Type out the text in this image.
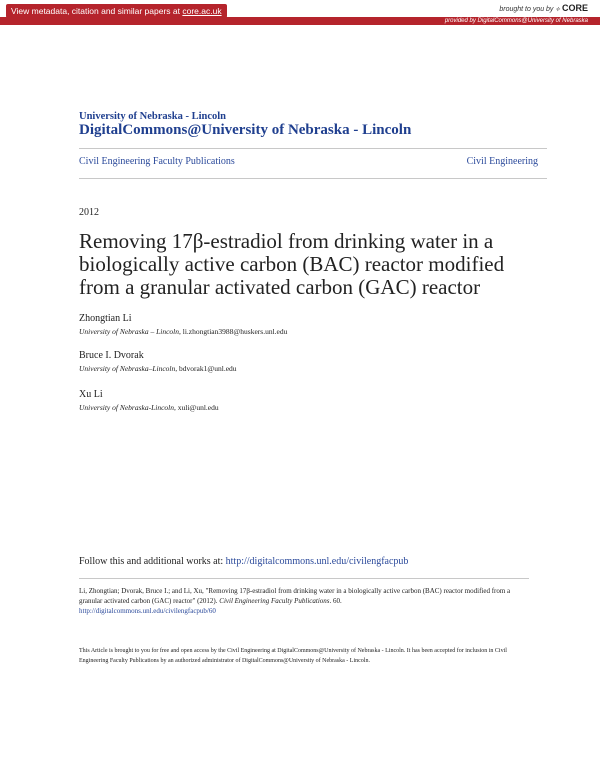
View metadata, citation and similar papers at core.ac.uk	brought to you by ⟡ CORE
provided by DigitalCommons@University of Nebraska
University of Nebraska - Lincoln
DigitalCommons@University of Nebraska - Lincoln
Civil Engineering Faculty Publications	Civil Engineering
2012
Removing 17β-estradiol from drinking water in a biologically active carbon (BAC) reactor modified from a granular activated carbon (GAC) reactor
Zhongtian Li
University of Nebraska – Lincoln, li.zhongtian3988@huskers.unl.edu
Bruce I. Dvorak
University of Nebraska–Lincoln, bdvorak1@unl.edu
Xu Li
University of Nebraska-Lincoln, xuli@unl.edu
Follow this and additional works at: http://digitalcommons.unl.edu/civilengfacpub
Li, Zhongtian; Dvorak, Bruce I.; and Li, Xu, "Removing 17β-estradiol from drinking water in a biologically active carbon (BAC) reactor modified from a granular activated carbon (GAC) reactor" (2012). Civil Engineering Faculty Publications. 60.
http://digitalcommons.unl.edu/civilengfacpub/60
This Article is brought to you for free and open access by the Civil Engineering at DigitalCommons@University of Nebraska - Lincoln. It has been accepted for inclusion in Civil Engineering Faculty Publications by an authorized administrator of DigitalCommons@University of Nebraska - Lincoln.
